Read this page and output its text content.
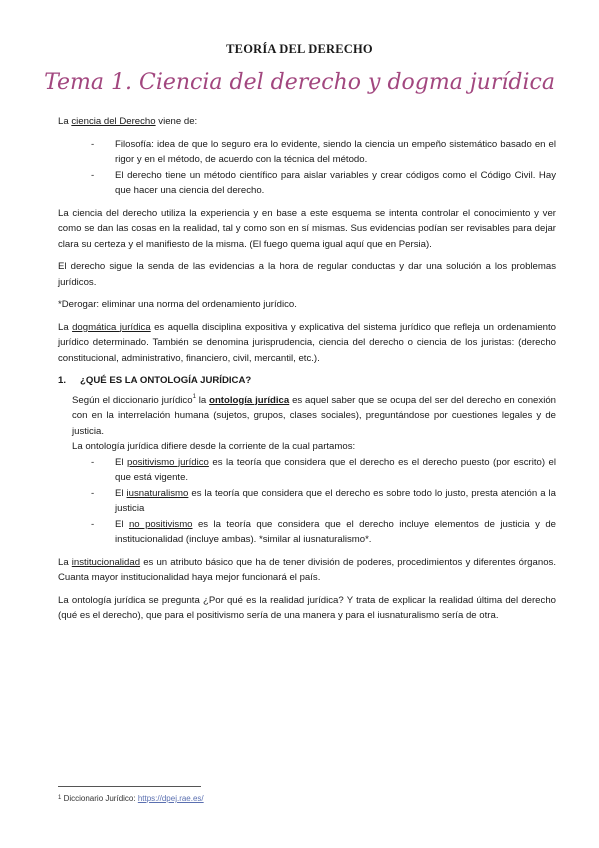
TEORÍA DEL DERECHO
Tema 1. Ciencia del derecho y dogma jurídica

La ciencia del Derecho viene de:

- Filosofía: idea de que lo seguro era lo evidente, siendo la ciencia un empeño sistemático basado en el rigor y en el método, de acuerdo con la técnica del método.
- El derecho tiene un método científico para aislar variables y crear códigos como el Código Civil. Hay que hacer una ciencia del derecho.

La ciencia del derecho utiliza la experiencia y en base a este esquema se intenta controlar el conocimiento y ver como se dan las cosas en la realidad, tal y como son en sí mismas. Sus evidencias podían ser revisables para dejar clara su certeza y el manifiesto de la misma. (El fuego quema igual aquí que en Persia).

El derecho sigue la senda de las evidencias a la hora de regular conductas y dar una solución a los problemas jurídicos.

*Derogar: eliminar una norma del ordenamiento jurídico.

La dogmática jurídica es aquella disciplina expositiva y explicativa del sistema jurídico que refleja un ordenamiento jurídico determinado. También se denomina jurisprudencia, ciencia del derecho o ciencia de los juristas: (derecho constitucional, administrativo, financiero, civil, mercantil, etc.).

1. ¿QUÉ ES LA ONTOLOGÍA JURÍDICA?

Según el diccionario jurídico$^1$ la ontología jurídica es aquel saber que se ocupa del ser del derecho en conexión con en la interrelación humana (sujetos, grupos, clases sociales), preguntándose por cuestiones legales y de justicia.

La ontología jurídica difiere desde la corriente de la cual partamos:

- El positivismo jurídico es la teoría que considera que el derecho es el derecho puesto (por escrito) el que está vigente.
- El iusnaturalismo es la teoría que considera que el derecho es sobre todo lo justo, presta atención a la justicia
- El no positivismo es la teoría que considera que el derecho incluye elementos de justicia y de institucionalidad (incluye ambas). *similar al iusnaturalismo*.

La institucionalidad es un atributo básico que ha de tener división de poderes, procedimientos y diferentes órganos. Cuanta mayor institucionalidad haya mejor funcionará el país.

La ontología jurídica se pregunta ¿Por qué es la realidad jurídica? Y trata de explicar la realidad última del derecho (qué es el derecho), que para el positivismo sería de una manera y para el iusnaturalismo sería de otra.

$^1$ Diccionario Jurídico: https://dpej.rae.es/
